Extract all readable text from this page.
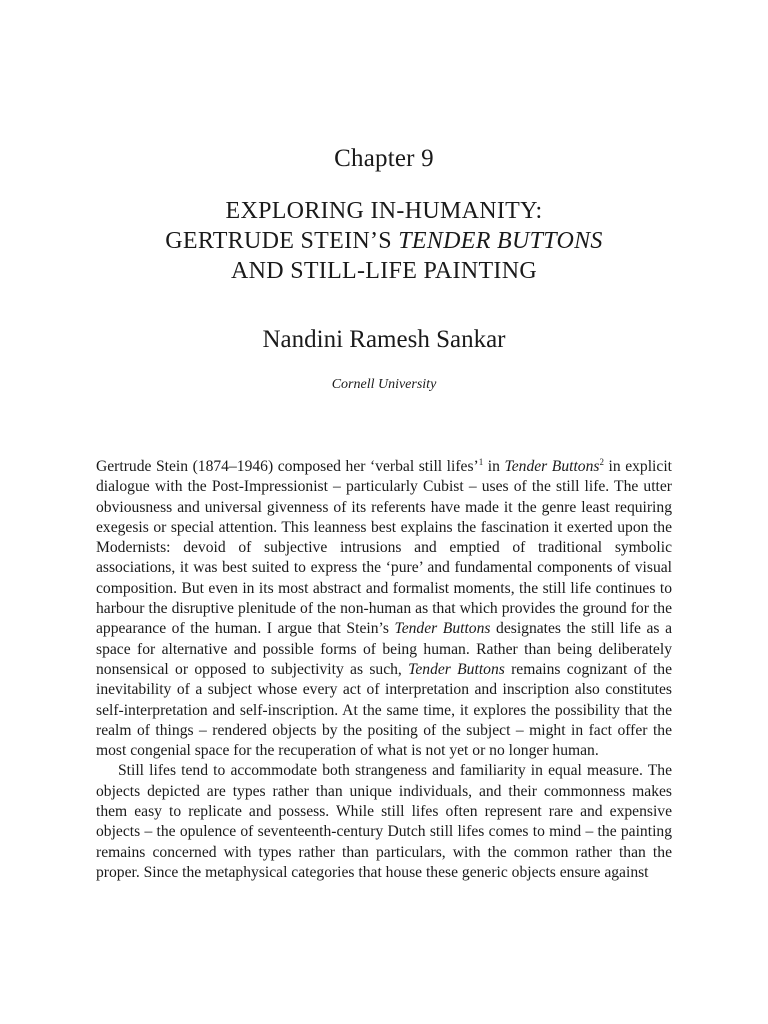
Chapter 9
EXPLORING IN-HUMANITY:
GERTRUDE STEIN’S TENDER BUTTONS
AND STILL-LIFE PAINTING
Nandini Ramesh Sankar
Cornell University

Gertrude Stein (1874–1946) composed her ‘verbal still lifes’$^1$ in Tender Buttons$^2$ in explicit dialogue with the Post-Impressionist – particularly Cubist – uses of the still life. The utter obviousness and universal givenness of its referents have made it the genre least requiring exegesis or special attention. This leanness best explains the fascination it exerted upon the Modernists: devoid of subjective intrusions and emptied of traditional symbolic associations, it was best suited to express the ‘pure’ and fundamental components of visual composition. But even in its most abstract and formalist moments, the still life continues to harbour the disruptive plenitude of the non-human as that which provides the ground for the appearance of the human. I argue that Stein’s Tender Buttons designates the still life as a space for alternative and possible forms of being human. Rather than being deliberately nonsensical or opposed to subjectivity as such, Tender Buttons remains cognizant of the inevitability of a subject whose every act of interpretation and inscription also constitutes self-interpretation and self-inscription. At the same time, it explores the possibility that the realm of things – rendered objects by the positing of the subject – might in fact offer the most congenial space for the recuperation of what is not yet or no longer human.

Still lifes tend to accommodate both strangeness and familiarity in equal measure. The objects depicted are types rather than unique individuals, and their commonness makes them easy to replicate and possess. While still lifes often represent rare and expensive objects – the opulence of seventeenth-century Dutch still lifes comes to mind – the painting remains concerned with types rather than particulars, with the common rather than the proper. Since the metaphysical categories that house these generic objects ensure against
